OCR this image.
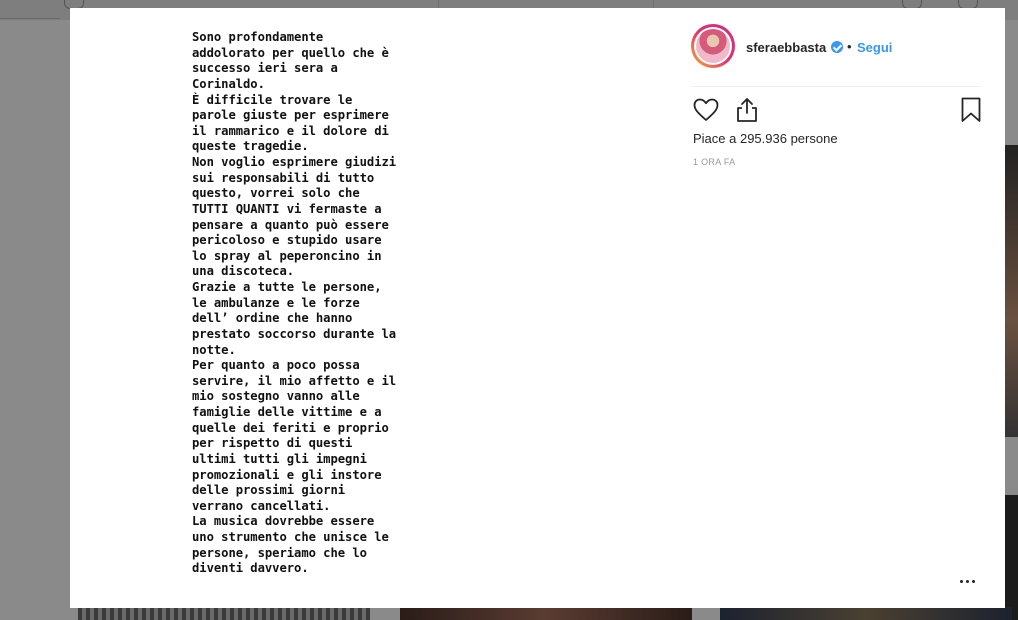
Sono profondamente
addolorato per quello che è
successo ieri sera a
Corinaldo.
È difficile trovare le
parole giuste per esprimere
il rammarico e il dolore di
queste tragedie.
Non voglio esprimere giudizi
sui responsabili di tutto
questo, vorrei solo che
TUTTI QUANTI vi fermaste a
pensare a quanto può essere
pericoloso e stupido usare
lo spray al peperoncino in
una discoteca.
Grazie a tutte le persone,
le ambulanze e le forze
dell’ ordine che hanno
prestato soccorso durante la
notte.
Per quanto a poco possa
servire, il mio affetto e il
mio sostegno vanno alle
famiglie delle vittime e a
quelle dei feriti e proprio
per rispetto di questi
ultimi tutti gli impegni
promozionali e gli instore
delle prossimi giorni
verrano cancellati.
La musica dovrebbe essere
uno strumento che unisce le
persone, speriamo che lo
diventi davvero.
sferaebbasta • Segui
Piace a 295.936 persone
1 ORA FA
